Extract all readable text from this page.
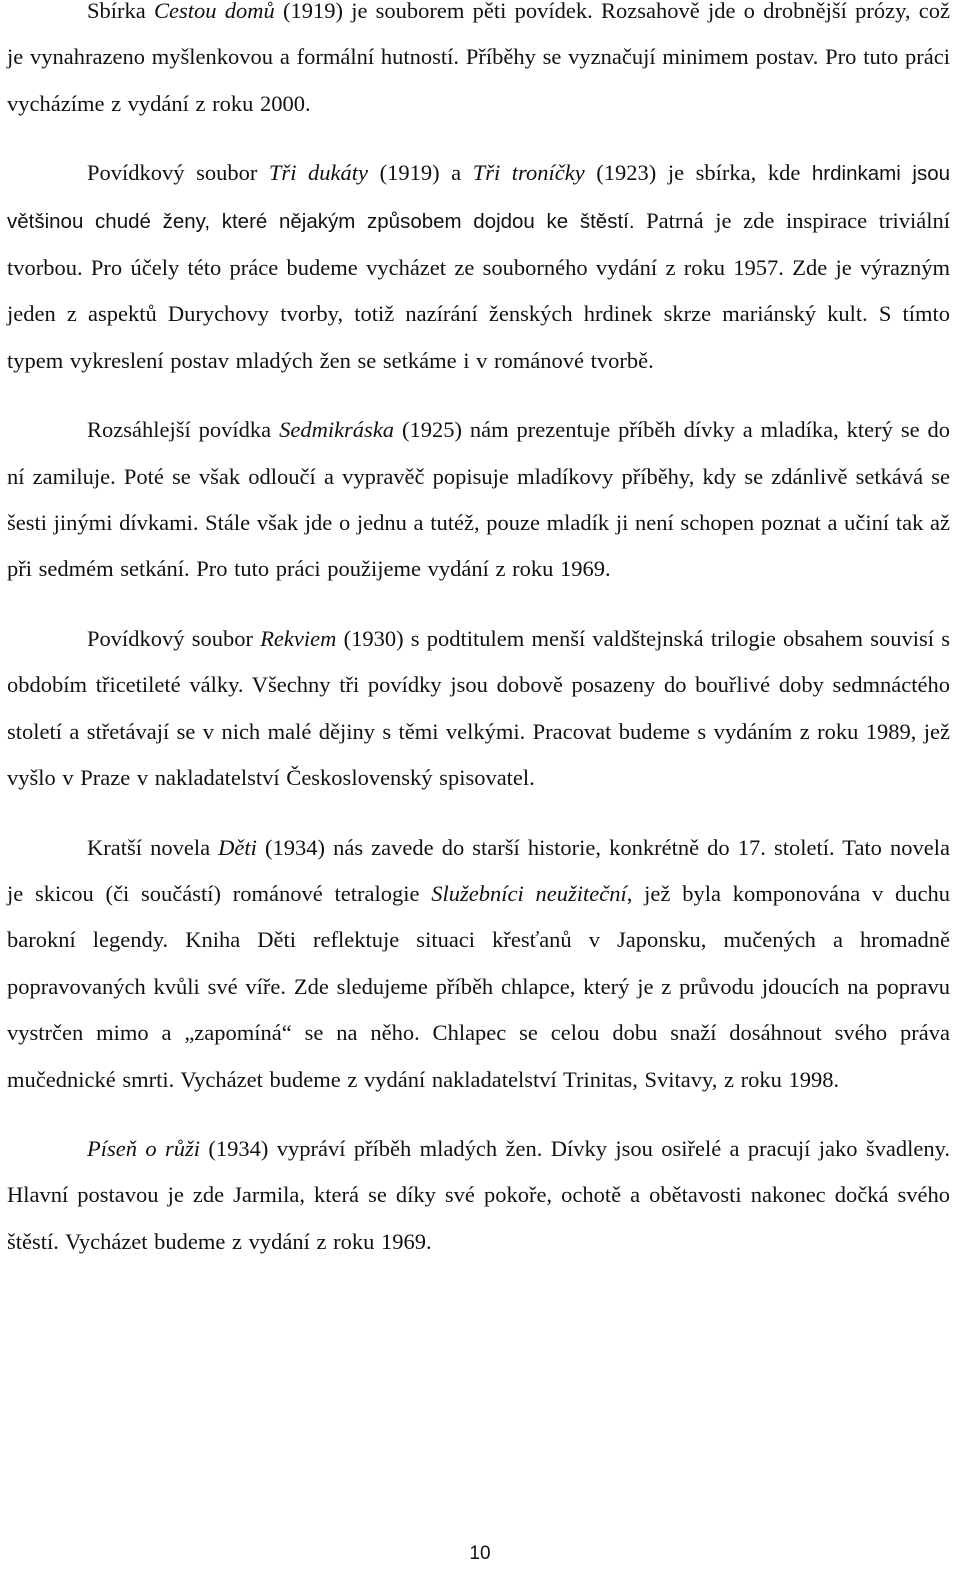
Sbírka Cestou domů (1919) je souborem pěti povídek. Rozsahově jde o drobnější prózy, což je vynahrazeno myšlenkovou a formální hutností. Příběhy se vyznačují minimem postav. Pro tuto práci vycházíme z vydání z roku 2000.

Povídkový soubor Tři dukáty (1919) a Tři troníčky (1923) je sbírka, kde hrdinkami jsou většinou chudé ženy, které nějakým způsobem dojdou ke štěstí. Patrná je zde inspirace triviální tvorbou. Pro účely této práce budeme vycházet ze souborného vydání z roku 1957. Zde je výrazným jeden z aspektů Durychovy tvorby, totiž nazírání ženských hrdinek skrze mariánský kult. S tímto typem vykreslení postav mladých žen se setkáme i v románové tvorbě.

Rozsáhlejší povídka Sedmikráska (1925) nám prezentuje příběh dívky a mladíka, který se do ní zamiluje. Poté se však odloučí a vypravěč popisuje mladíkovy příběhy, kdy se zdánlivě setkává se šesti jinými dívkami. Stále však jde o jednu a tutéž, pouze mladík ji není schopen poznat a učiní tak až při sedmém setkání. Pro tuto práci použijeme vydání z roku 1969.

Povídkový soubor Rekviem (1930) s podtitulem menší valdštejnská trilogie obsahem souvisí s obdobím třicetileté války. Všechny tři povídky jsou dobově posazeny do bouřlivé doby sedmnáctého století a střetávají se v nich malé dějiny s těmi velkými. Pracovat budeme s vydáním z roku 1989, jež vyšlo v Praze v nakladatelství Československý spisovatel.

Kratší novela Děti (1934) nás zavede do starší historie, konkrétně do 17. století. Tato novela je skicou (či součástí) románové tetralogie Služebníci neužiteční, jež byla komponována v duchu barokní legendy. Kniha Děti reflektuje situaci křesťanů v Japonsku, mučených a hromadně popravovaných kvůli své víře. Zde sledujeme příběh chlapce, který je z průvodu jdoucích na popravu vystrčen mimo a „zapomíná“ se na něho. Chlapec se celou dobu snaží dosáhnout svého práva mučednické smrti. Vycházet budeme z vydání nakladatelství Trinitas, Svitavy, z roku 1998.

Píseň o růži (1934) vypráví příběh mladých žen. Dívky jsou osiřelé a pracují jako švadleny. Hlavní postavou je zde Jarmila, která se díky své pokoře, ochotě a obětavosti nakonec dočká svého štěstí. Vycházet budeme z vydání z roku 1969.

10
